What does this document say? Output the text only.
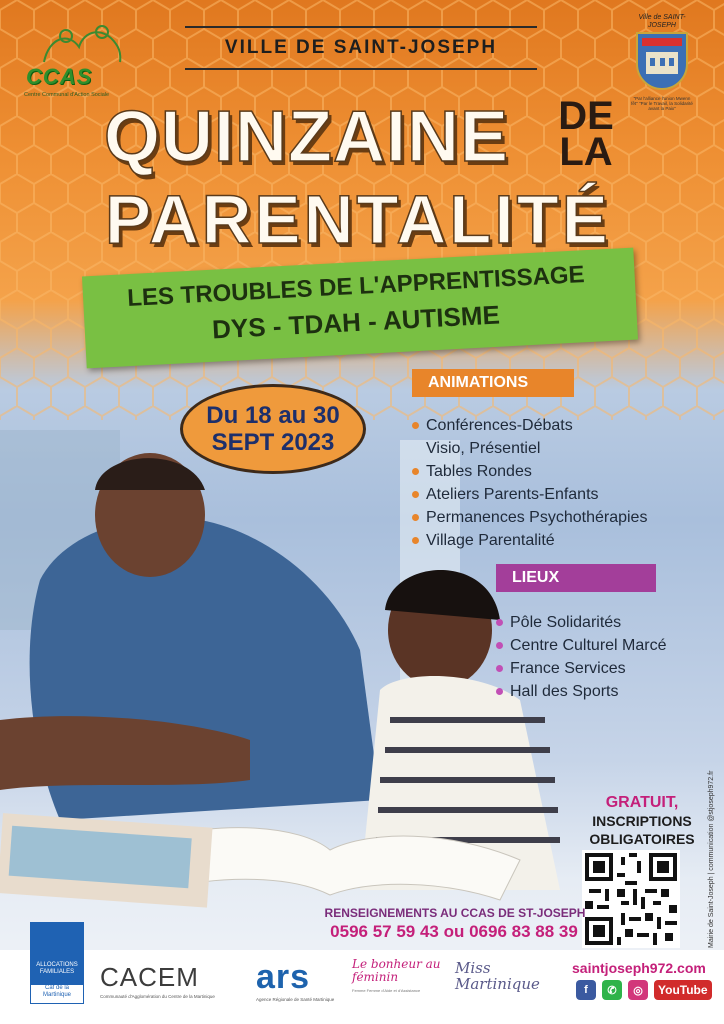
CCAS
Centre Communal d'Action Sociale
VILLE DE SAINT-JOSEPH
Ville de SAINT-JOSEPH
"Par l'alliance l'union Mwenn fêt" "Par le Travail, la Solidarité avant la Paix"
QUINZAINE	DE
LA
PARENTALITÉ
LES TROUBLES DE L'APPRENTISSAGE
DYS - TDAH - AUTISME
Du 18 au 30
SEPT 2023
ANIMATIONS
Conférences-Débats
Visio, Présentiel
Tables Rondes
Ateliers Parents-Enfants
Permanences Psychothérapies
Village Parentalité
LIEUX
Pôle Solidarités
Centre Culturel Marcé
France Services
Hall des Sports
GRATUIT,
INSCRIPTIONS
OBLIGATOIRES	Mairie de Saint-Joseph | communication @stjoseph972.fr
RENSEIGNEMENTS AU CCAS DE ST-JOSEPH
0596 57 59 43 ou 0696 83 88 39
ALLOCATIONS FAMILIALES
Caf de la Martinique
CACEM
Communauté d'Agglomération du Centre de la Martinique
ars
Agence Régionale de Santé Martinique
Le bonheur au féminin
Femme Femme d'Aide et d'Assistance
Miss Martinique
saintjoseph972.com
f	✆	◎	YouTube
